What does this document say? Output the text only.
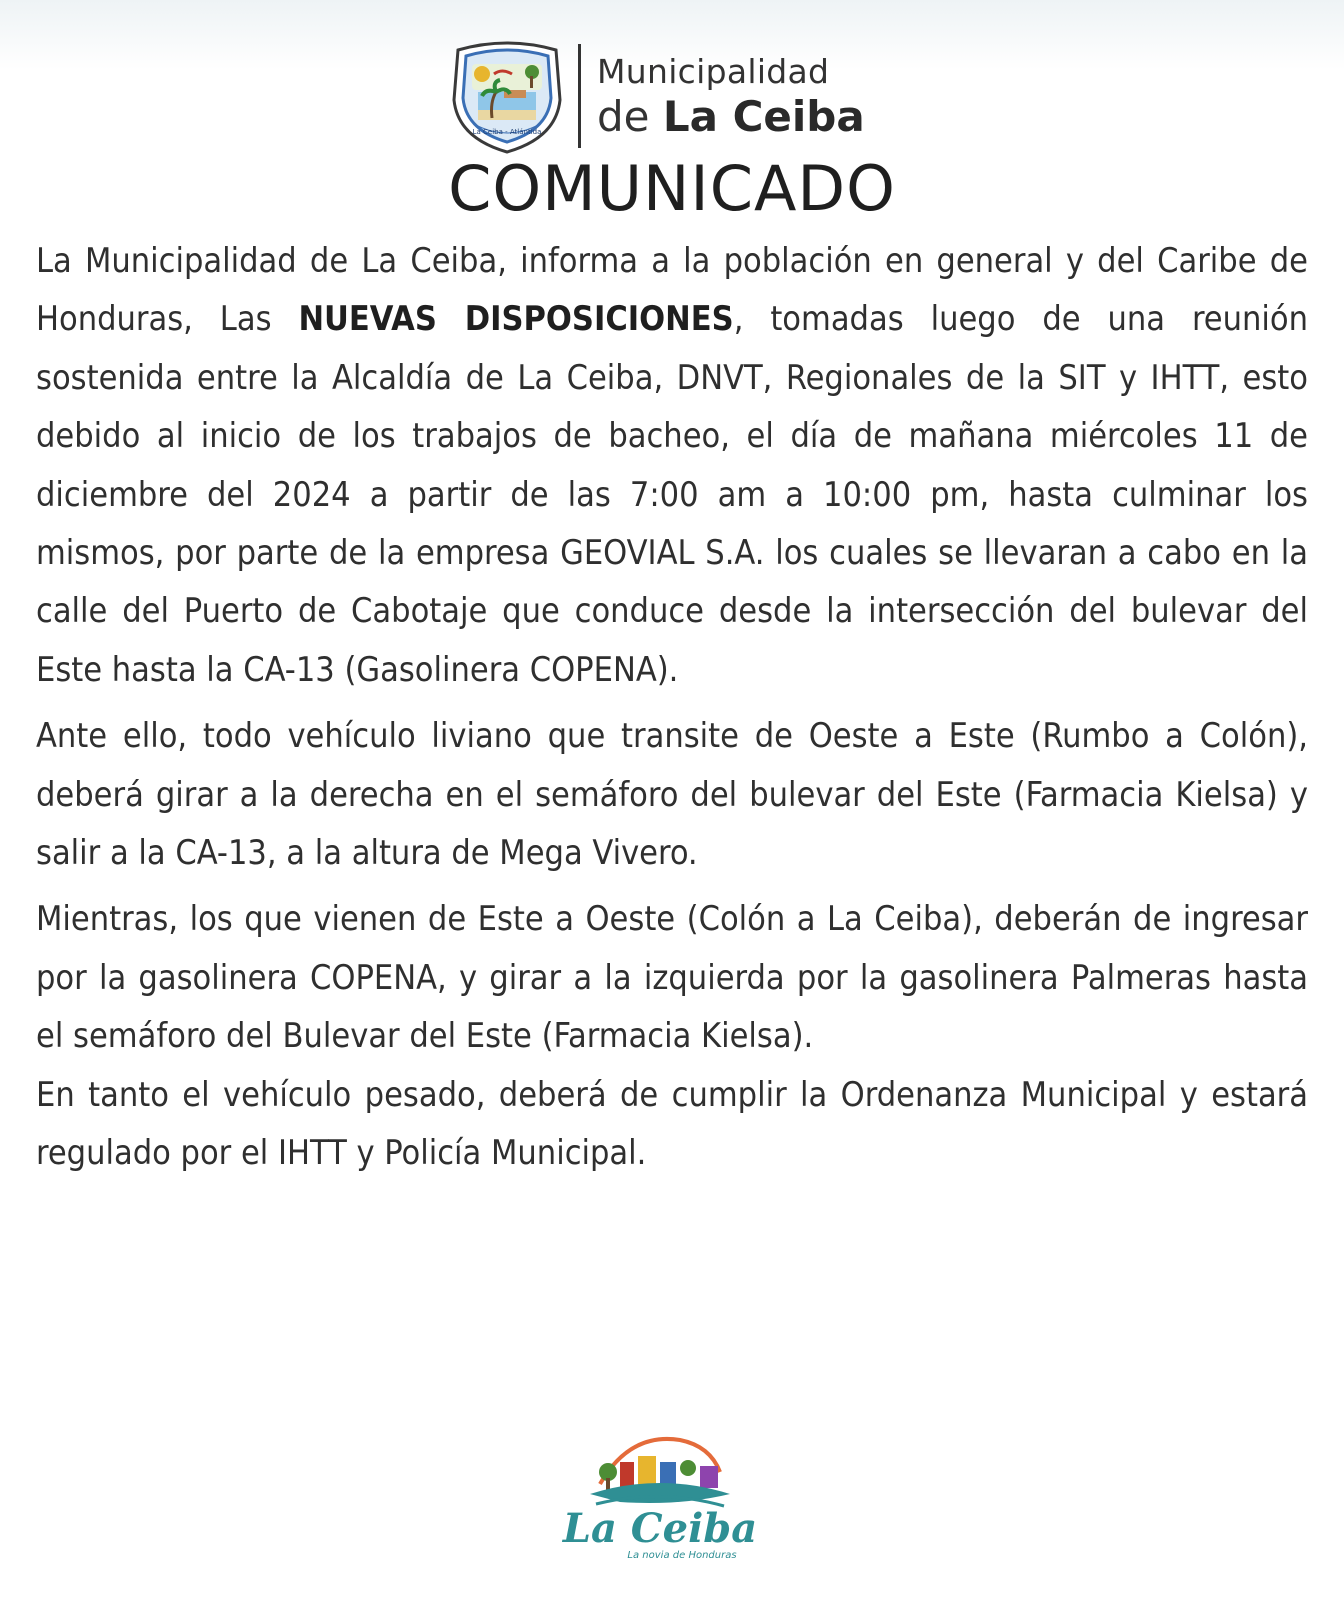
La Ceiba - Atlántida
Municipalidad
de La Ceiba
COMUNICADO

La Municipalidad de La Ceiba, informa a la población en general y del Caribe de Honduras, Las NUEVAS DISPOSICIONES, tomadas luego de una reunión sostenida entre la Alcaldía de La Ceiba, DNVT, Regionales de la SIT y IHTT, esto debido al inicio de los trabajos de bacheo, el día de mañana miércoles 11 de diciembre del 2024 a partir de las 7:00 am a 10:00 pm, hasta culminar los mismos, por parte de la empresa GEOVIAL S.A. los cuales se llevaran a cabo en la calle del Puerto de Cabotaje que conduce desde la intersección del bulevar del Este hasta la CA-13 (Gasolinera COPENA).

Ante ello, todo vehículo liviano que transite de Oeste a Este (Rumbo a Colón), deberá girar a la derecha en el semáforo del bulevar del Este (Farmacia Kielsa) y salir a la CA-13, a la altura de Mega Vivero.

Mientras, los que vienen de Este a Oeste (Colón a La Ceiba), deberán de ingresar por la gasolinera COPENA, y girar a la izquierda por la gasolinera Palmeras hasta el semáforo del Bulevar del Este (Farmacia Kielsa).

En tanto el vehículo pesado, deberá de cumplir la Ordenanza Municipal y estará regulado por el IHTT y Policía Municipal.

La Ceiba
La novia de Honduras
